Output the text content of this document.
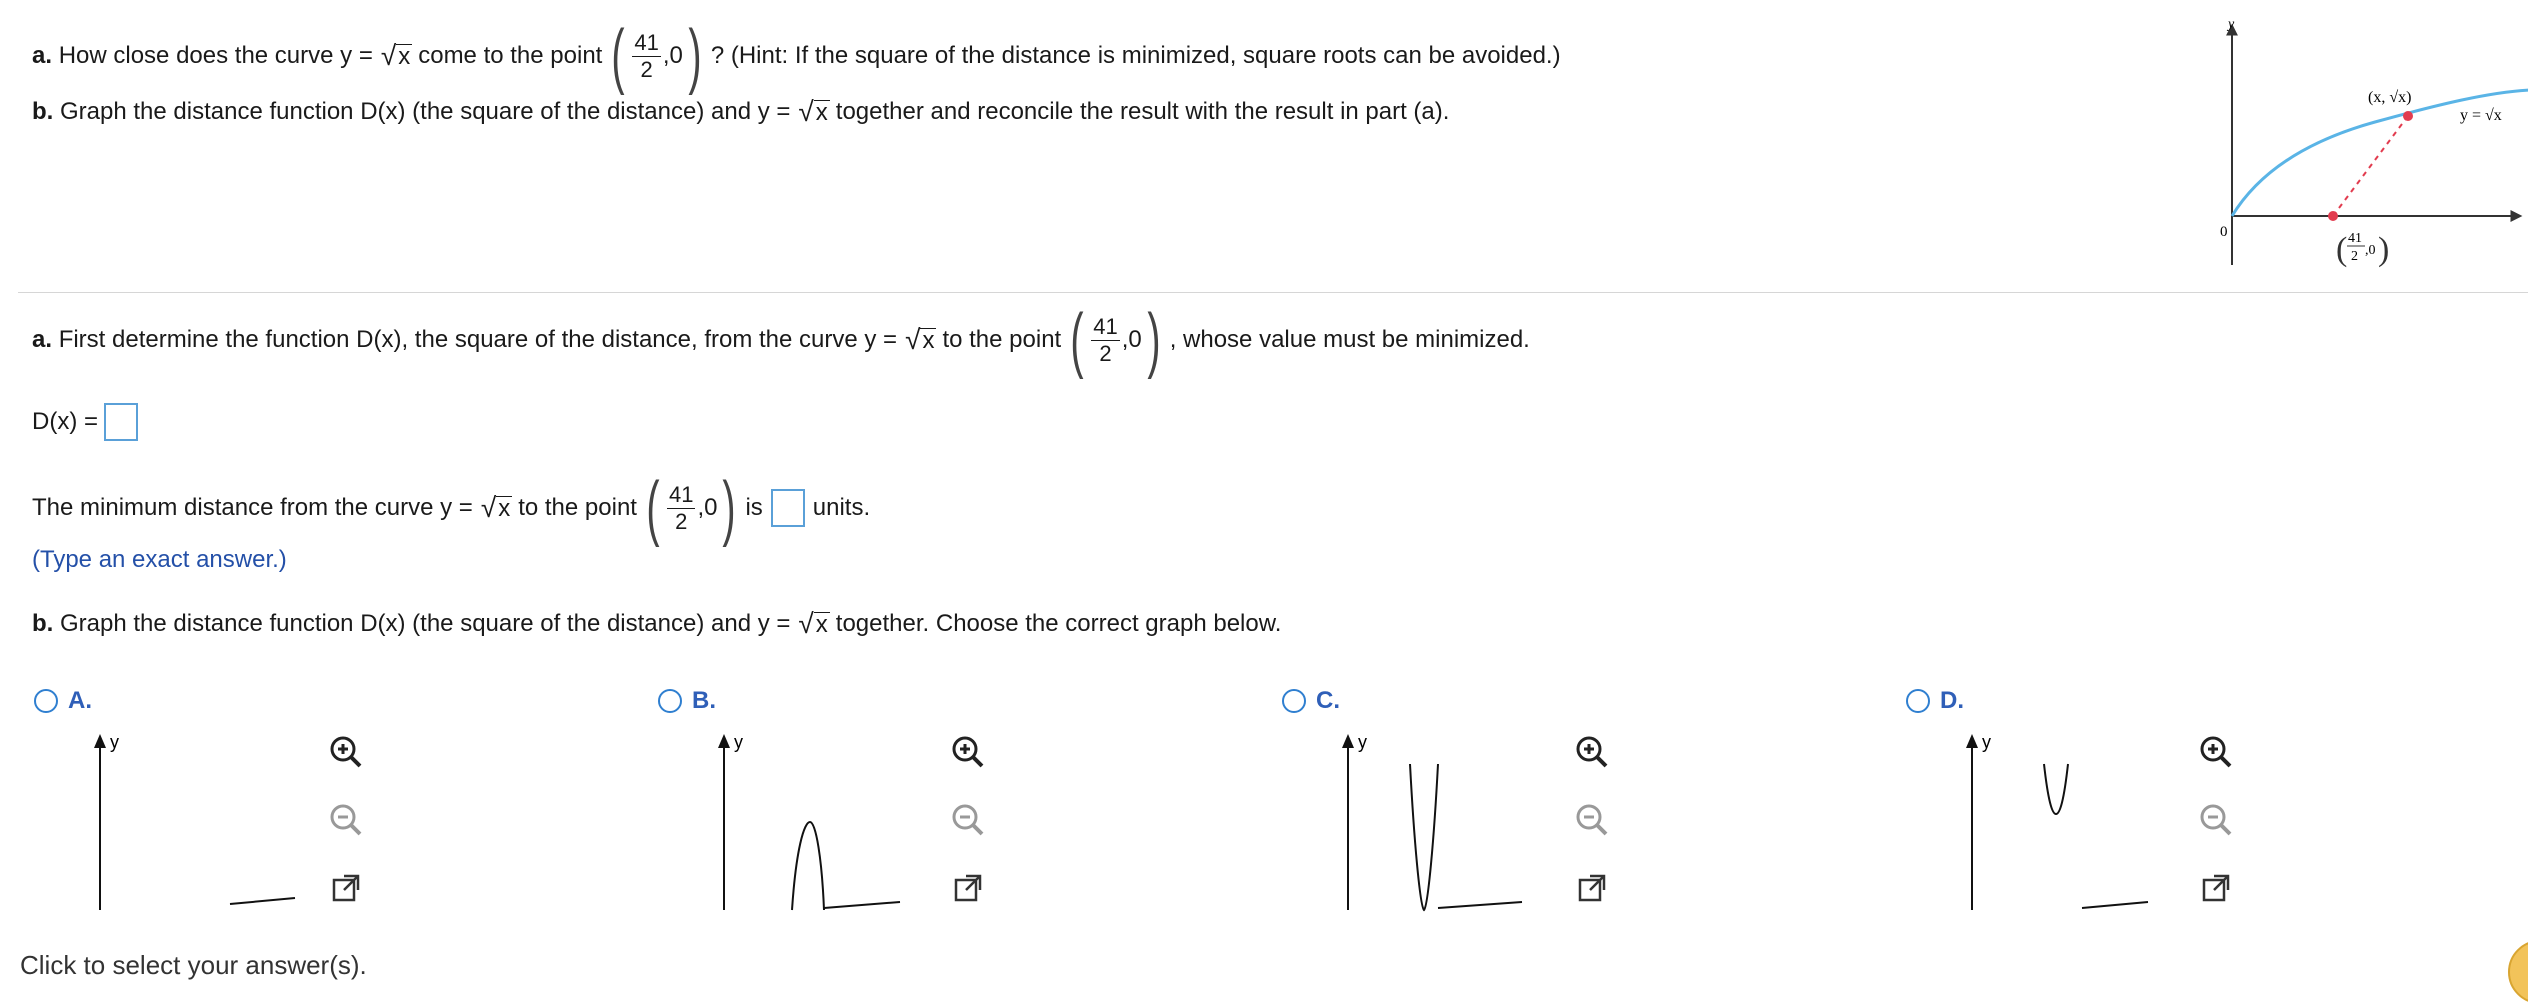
a.
How close does the curve y = √ x come to the point ( $\frac{41}{2} ,0$ ) ? (Hint: If the square of the distance is minimized, square roots can be avoided.)
b.
Graph the distance function D(x) (the square of the distance) and y = √ x together and reconcile the result with the result in part (a).
y
0
(x, √x)
y = √x
( 41
2 ,0 )
a.
First determine the function D(x), the square of the distance, from the curve y = √ x to the point ( $\frac{41}{2} ,0$ ) , whose value must be minimized.
D(x) =
The minimum distance from the curve y = √ x to the point ( $\frac{41}{2} ,0$ ) is units.
(Type an exact answer.)
b.
Graph the distance function D(x) (the square of the distance) and y = √ x together. Choose the correct graph below.
A.
y
B.
y
C.
y
D.
y
Click to select your answer(s).
